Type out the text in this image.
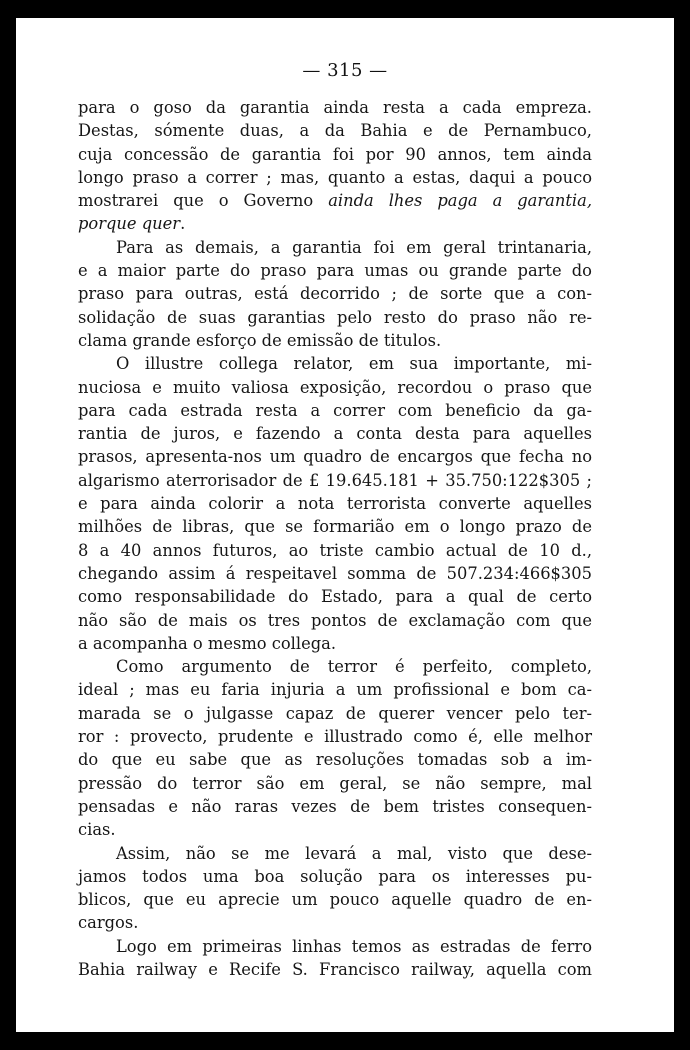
— 315 —
para o goso da garantia ainda resta a cada empreza.
Destas, sómente duas, a da Bahia e de Pernambuco,
cuja concessão de garantia foi por 90 annos, tem ainda
longo praso a correr ; mas, quanto a estas, daqui a pouco
mostrarei que o Governo ainda lhes paga a garantia,
porque quer.
Para as demais, a garantia foi em geral trintanaria,
e a maior parte do praso para umas ou grande parte do
praso para outras, está decorrido ; de sorte que a con-
solidação de suas garantias pelo resto do praso não re-
clama grande esforço de emissão de titulos.
O illustre collega relator, em sua importante, mi-
nuciosa e muito valiosa exposição, recordou o praso que
para cada estrada resta a correr com beneficio da ga-
rantia de juros, e fazendo a conta desta para aquelles
prasos, apresenta-nos um quadro de encargos que fecha no
algarismo aterrorisador de £ 19.645.181 + 35.750:122$305 ;
e para ainda colorir a nota terrorista converte aquelles
milhões de libras, que se formarião em o longo prazo de
8 a 40 annos futuros, ao triste cambio actual de 10 d.,
chegando assim á respeitavel somma de 507.234:466$305
como responsabilidade do Estado, para a qual de certo
não são de mais os tres pontos de exclamação com que
a acompanha o mesmo collega.
Como argumento de terror é perfeito, completo,
ideal ; mas eu faria injuria a um profissional e bom ca-
marada se o julgasse capaz de querer vencer pelo ter-
ror : provecto, prudente e illustrado como é, elle melhor
do que eu sabe que as resoluções tomadas sob a im-
pressão do terror são em geral, se não sempre, mal
pensadas e não raras vezes de bem tristes consequen-
cias.
Assim, não se me levará a mal, visto que dese-
jamos todos uma boa solução para os interesses pu-
blicos, que eu aprecie um pouco aquelle quadro de en-
cargos.
Logo em primeiras linhas temos as estradas de ferro
Bahia railway e Recife S. Francisco railway, aquella com
